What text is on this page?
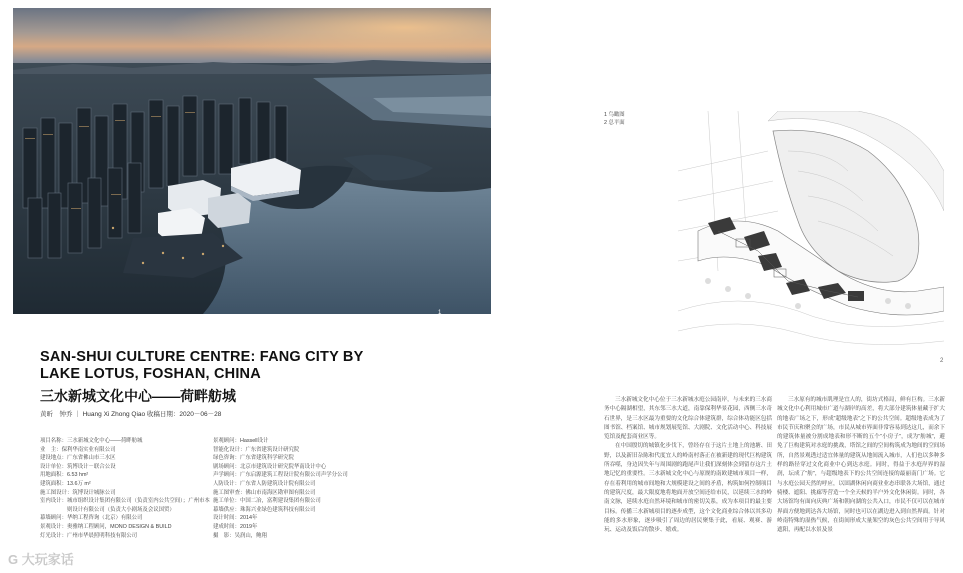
1
SAN-SHUI CULTURE CENTRE: FANG CITY BY LAKE LOTUS, FOSHAN, CHINA
三水新城文化中心——荷畔舫城
黄昕　钟乔 ｜ Huang Xi Zhong Qiao 收稿日期：2020－06－28
项目名称：三水新城文化中心——荷畔舫城
业　主：保利华南实业有限公司
建设地点：广东省佛山市三水区
设计单位：筑博设计－联合公设
用地面积：6.53 hm²
建筑面积：13.6万 m²
施工图设计：筑博设计城脉公司
室内设计：城市组织设计集团有限公司（负责室内公共空间）；广州市本
　　　　　则设计有限公司（负责大小剧场及会议国贸）
幕墙顾问：华纳工程咨询（北京）有限公司
景观设计：奥雅纳工程顾问，MONO DESIGN & BUILD
灯光设计：广州市华晨照明科技有限公司
景观顾问：Hassell设计
智能化设计：广东省建筑设计研究院
绿色咨询：广东省建筑科学研究院
剧场顾问：北京市建筑设计研究院华南设计中心
声学顾问：广东启源建筑工程设计院有限公司声学分公司
人防设计：广东省人防建筑设计院有限公司
施工图审查：佛山市南海区勘审图有限公司
施工单位：中国二冶，富利建设集团有限公司
幕墙供应：珠海兴业绿色建筑科技有限公司
设计时间：2014年
建成时间：2019年
摄　影：吴润山，鲍翔
1 鸟瞰图
2 总平面
2

三水新城文化中心位于三水新城水庭公园南岸，与未来的三水商务中心隔湖相望，其东邻三水大道，南靠保利华景花园，西侧三水奇石世界，是三水区最为重要的文化综合体建筑群，综合体功能区包括图书馆、档案馆、城市规划展览馆、大剧院、文化活动中心、科技展览馆及配套商业区等。

在中国殷切的城镇化步伐下，曾经存在于这片土地上的池塘、田野，以及新旧杂陈和代度宜人的岭南村落正在被新建的现代巨构建筑所吞噬，身边因失年与周围剧的跑尾声让我们深刻体会到留存这片土地记忆的重要性。三水新城文化中心与原规的南欧建城市项目一样，存在着利用的城市间地和大规模建设之间的矛盾，构筑如何控制项目的建筑尺度，最大限度地将地面开放空间还给市民，以延续三水的岭南文脉，延续水庭自然环境和城市的密切关系，成为本项目的最主要目标。传播三水新城项目的逐步成型，这个文化商业综合体以其多功能的多水形象，逐步吸引了周边的居民聚集于此，看展、观赛、游玩、运动及饭后的散步、嬉戏。

三水原有的城市肌理是宜人的，街坊式格局，鲜有巨构。三水新城文化中心利用城市广道与湖岸的高差，将大部分建筑体量藏于扩大的地表广场之下，形成“超级地表”之下的公共空间。超级地表成为了市民节庆和聚会的广场，市民从城市界面非常容易到达这几，而余下的建筑体量被分割成地表和形不断的五个“小房子”，成为“舫城”，避免了巨构建筑对水庭的挑战，塔馆之间的空间构筑成为地间的空间场所，自然景观透过适宜体量的建筑从地间流入城市，人们也以多种多样的路径穿过文化商业中心到达水庭。同时，得益于水庭岸界的湿润，坛成了“舫”，与超级地表下的公共空间连接的最丽南门广场。它与水庭公园天然的呼应，以固湖休闲向商业业态串联各大场馆，通过骑楼、遮阳、挑廊等营造一个全天候的半户外文化休闲街。同时，各大场馆均有面向庆典广场和朝向湖的公共入口，市民不仅可以在城市界面方便地到达各大场馆，同时也可以在湖边进入到自然界面。针对岭南特殊的湿热气候，在街间形成大量架空的灰色公共空间用于导风遮阳，再配以水景及景

G 大玩家话
